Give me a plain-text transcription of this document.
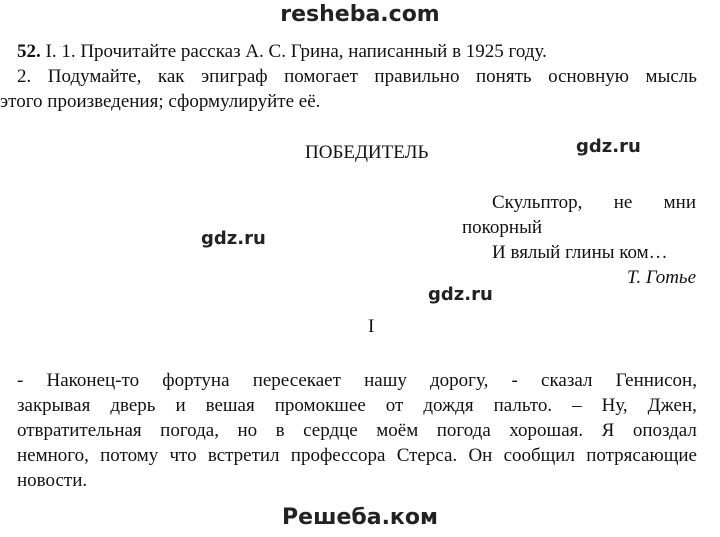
resheba.com
52. I. 1. Прочитайте рассказ А. С. Грина, написанный в 1925 году.
2. Подумайте, как эпиграф помогает правильно понять основную мысль
этого произведения; сформулируйте её.
ПОБЕДИТЕЛЬ	gdz.ru
Скульптор, не мни
покорный
И вялый глины ком…
Т. Готье
gdz.ru
gdz.ru
I
- Наконец-то фортуна пересекает нашу дорогу, - сказал Геннисон,
закрывая дверь и вешая промокшее от дождя пальто. – Ну, Джен,
отвратительная погода, но в сердце моём погода хорошая. Я опоздал
немного, потому что встретил профессора Стерса. Он сообщил потрясающие
новости.
Решеба.ком
